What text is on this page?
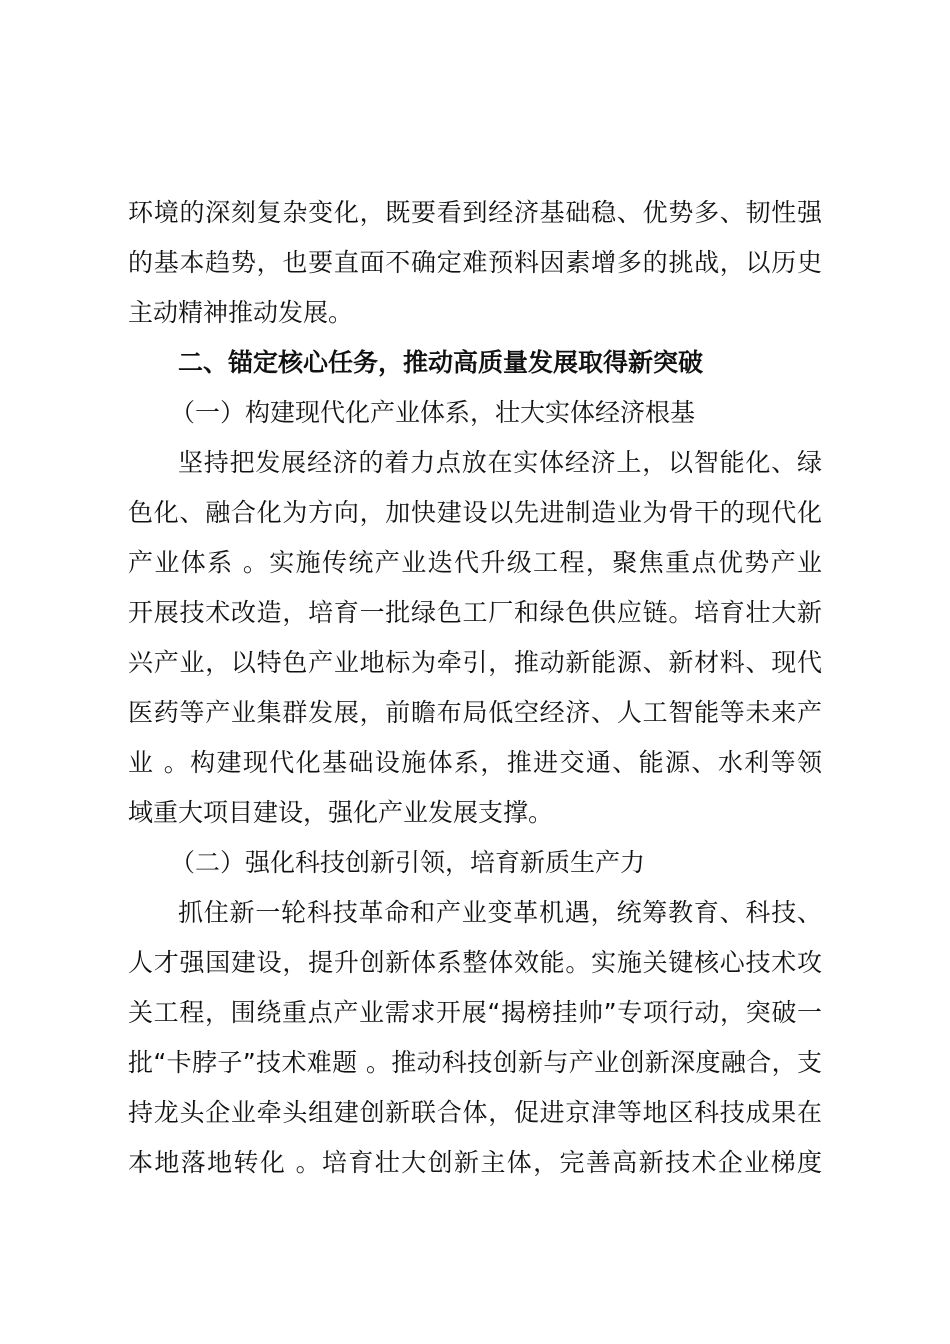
环境的深刻复杂变化，既要看到经济基础稳、优势多、韧性强
的基本趋势，也要直面不确定难预料因素增多的挑战，以历史
主动精神推动发展。
二、锚定核心任务，推动高质量发展取得新突破
（一）构建现代化产业体系，壮大实体经济根基
坚持把发展经济的着力点放在实体经济上，以智能化、绿
色化、融合化为方向，加快建设以先进制造业为骨干的现代化
产业体系 。实施传统产业迭代升级工程，聚焦重点优势产业
开展技术改造，培育一批绿色工厂和绿色供应链。培育壮大新
兴产业，以特色产业地标为牵引，推动新能源、新材料、现代
医药等产业集群发展，前瞻布局低空经济、人工智能等未来产
业 。构建现代化基础设施体系，推进交通、能源、水利等领
域重大项目建设，强化产业发展支撑。
（二）强化科技创新引领，培育新质生产力
抓住新一轮科技革命和产业变革机遇，统筹教育、科技、
人才强国建设，提升创新体系整体效能。实施关键核心技术攻
关工程，围绕重点产业需求开展“揭榜挂帅”专项行动，突破一
批“卡脖子”技术难题 。推动科技创新与产业创新深度融合，支
持龙头企业牵头组建创新联合体，促进京津等地区科技成果在
本地落地转化 。培育壮大创新主体，完善高新技术企业梯度
